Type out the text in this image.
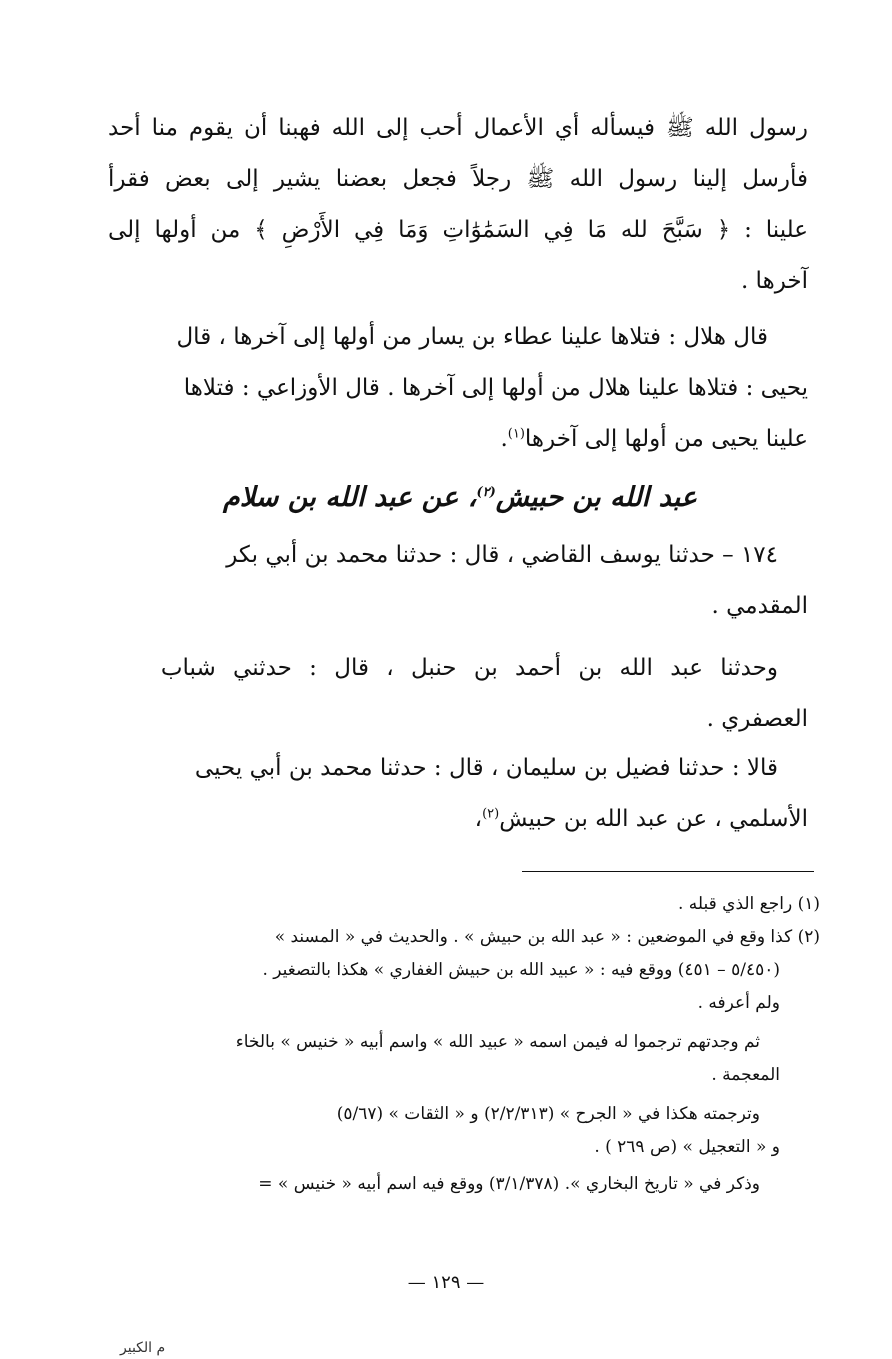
رسول الله ﷺ فيسأله أي الأعمال أحب إلى الله فهبنا أن يقوم منا أحد
فأرسل إلينا رسول الله ﷺ رجلاً فجعل بعضنا يشير إلى بعض فقرأ
علينا : ﴿ سَبَّحَ لله مَا فِي السَمَٰوَٰاتِ وَمَا فِي الأَرْضِ ﴾ من أولها إلى
آخرها .
قال هلال : فتلاها علينا عطاء بن يسار من أولها إلى آخرها ، قال
يحيى : فتلاها علينا هلال من أولها إلى آخرها . قال الأوزاعي : فتلاها
علينا يحيى من أولها إلى آخرها$^{(١)}$.
عبد الله بن حبيش$^{(٢)}$، عن عبد الله بن سلام
١٧٤ – حدثنا يوسف القاضي ، قال : حدثنا محمد بن أبي بكر
المقدمي .
وحدثنا عبد الله بن أحمد بن حنبل ، قال : حدثني شباب
العصفري .
قالا : حدثنا فضيل بن سليمان ، قال : حدثنا محمد بن أبي يحيى
الأسلمي ، عن عبد الله بن حبيش$^{(٢)}$،
(١) راجع الذي قبله .
(٢) كذا وقع في الموضعين : « عبد الله بن حبيش » . والحديث في « المسند »
(٥/٤٥٠ – ٤٥١) ووقع فيه : « عبيد الله بن حبيش الغفاري » هكذا بالتصغير .
ولم أعرفه .
ثم وجدتهم ترجموا له فيمن اسمه « عبيد الله » واسم أبيه « خنيس » بالخاء
المعجمة .
وترجمته هكذا في « الجرح » (٢/٢/٣١٣) و « الثقات » (٥/٦٧)
و « التعجيل » (ص ٢٦٩ ) .
وذكر في « تاريخ البخاري ». (٣/١/٣٧٨) ووقع فيه اسم أبيه « خنيس » =
— ١٢٩ —
م الكبير
